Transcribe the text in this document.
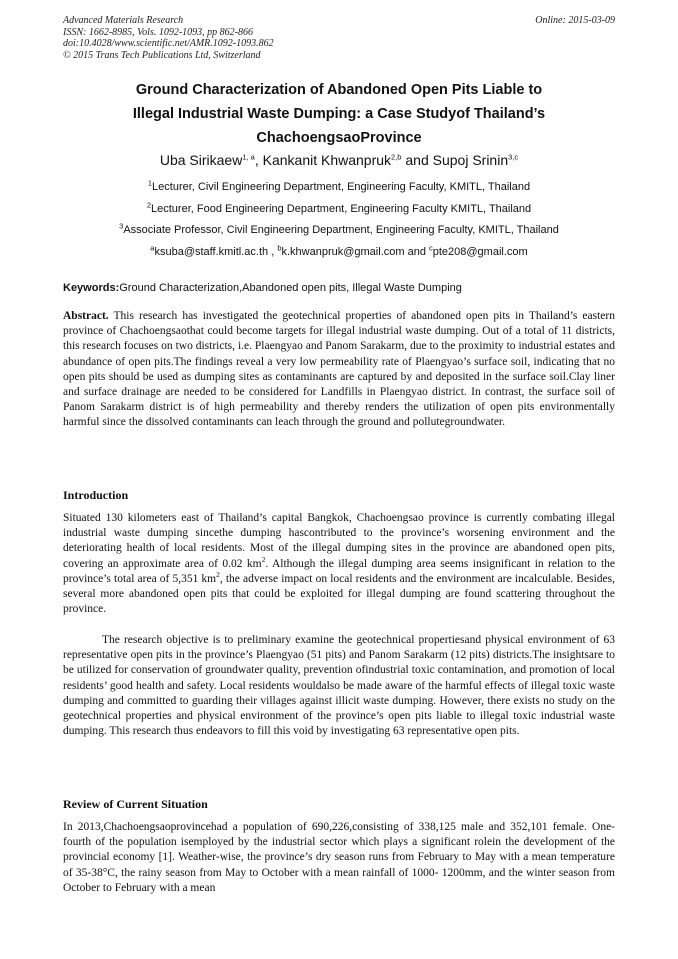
Advanced Materials Research
ISSN: 1662-8985, Vols. 1092-1093, pp 862-866
doi:10.4028/www.scientific.net/AMR.1092-1093.862
© 2015 Trans Tech Publications Ltd, Switzerland
Online: 2015-03-09
Ground Characterization of Abandoned Open Pits Liable to
Illegal Industrial Waste Dumping: a Case Studyof Thailand’s
ChachoengsaoProvince
Uba Sirikaew$^{1, a}$, Kankanit Khwanpruk$^{2,b}$ and Supoj Srinin$^{3,c}$
$^1$Lecturer, Civil Engineering Department, Engineering Faculty, KMITL, Thailand
$^2$Lecturer, Food Engineering Department, Engineering Faculty KMITL, Thailand
$^3$Associate Professor, Civil Engineering Department, Engineering Faculty, KMITL, Thailand
$^a$ksuba@staff.kmitl.ac.th , $^b$k.khwanpruk@gmail.com and $^c$pte208@gmail.com
Keywords:Ground Characterization,Abandoned open pits, Illegal Waste Dumping
Abstract. This research has investigated the geotechnical properties of abandoned open pits in Thailand’s eastern province of Chachoengsaothat could become targets for illegal industrial waste dumping. Out of a total of 11 districts, this research focuses on two districts, i.e. Plaengyao and Panom Sarakarm, due to the proximity to industrial estates and abundance of open pits.The findings reveal a very low permeability rate of Plaengyao’s surface soil, indicating that no open pits should be used as dumping sites as contaminants are captured by and deposited in the surface soil.Clay liner and surface drainage are needed to be considered for Landfills in Plaengyao district. In contrast, the surface soil of Panom Sarakarm district is of high permeability and thereby renders the utilization of open pits environmentally harmful since the dissolved contaminants can leach through the ground and pollutegroundwater.
Introduction
Situated 130 kilometers east of Thailand’s capital Bangkok, Chachoengsao province is currently combating illegal industrial waste dumping sincethe dumping hascontributed to the province’s worsening environment and the deteriorating health of local residents. Most of the illegal dumping sites in the province are abandoned open pits, covering an approximate area of 0.02 $km^2$. Although the illegal dumping area seems insignificant in relation to the province’s total area of 5,351 $km^2$, the adverse impact on local residents and the environment are incalculable. Besides, several more abandoned open pits that could be exploited for illegal dumping are found scattering throughout the province.
The research objective is to preliminary examine the geotechnical propertiesand physical environment of 63 representative open pits in the province’s Plaengyao (51 pits) and Panom Sarakarm (12 pits) districts.The insightsare to be utilized for conservation of groundwater quality, prevention ofindustrial toxic contamination, and promotion of local residents’ good health and safety. Local residents wouldalso be made aware of the harmful effects of illegal toxic waste dumping and committed to guarding their villages against illicit waste dumping. However, there exists no study on the geotechnical properties and physical environment of the province’s open pits liable to illegal toxic industrial waste dumping. This research thus endeavors to fill this void by investigating 63 representative open pits.
Review of Current Situation
In 2013,Chachoengsaoprovincehad a population of 690,226,consisting of 338,125 male and 352,101 female. One-fourth of the population isemployed by the industrial sector which plays a significant rolein the development of the provincial economy [1]. Weather-wise, the province’s dry season runs from February to May with a mean temperature of 35-38°C, the rainy season from May to October with a mean rainfall of 1000- 1200mm, and the winter season from October to February with a mean
